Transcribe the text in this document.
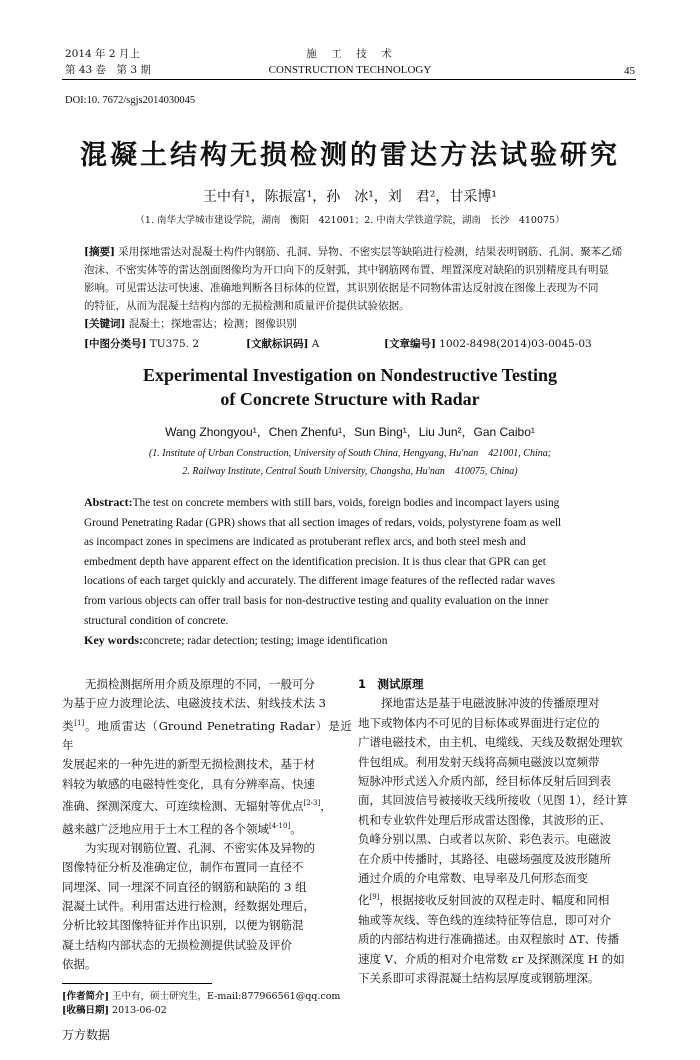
2014 年 2 月上
第 43 卷　第 3 期
施　工　技　术
CONSTRUCTION TECHNOLOGY	45
DOI:10. 7672/sgjs2014030045
混凝土结构无损检测的雷达方法试验研究
王中有¹，陈振富¹，孙　冰¹，刘　君²，甘采博¹
（1. 南华大学城市建设学院，湖南　衡阳　421001；2. 中南大学铁道学院，湖南　长沙　410075）
[摘要] 采用探地雷达对混凝土构件内钢筋、孔洞、异物、不密实层等缺陷进行检测，结果表明钢筋、孔洞、聚苯乙烯
泡沫、不密实体等的雷达剖面图像均为开口向下的反射弧，其中钢筋网布置、埋置深度对缺陷的识别精度具有明显
影响。可见雷达法可快速、准确地判断各目标体的位置，其识别依据是不同物体雷达反射波在图像上表现为不同
的特征，从而为混凝土结构内部的无损检测和质量评价提供试验依据。
[关键词] 混凝土；探地雷达；检测；图像识别
[中图分类号] TU375. 2	[文献标识码] A	[文章编号] 1002-8498(2014)03-0045-03
Experimental Investigation on Nondestructive Testing
of Concrete Structure with Radar
Wang Zhongyou¹，Chen Zhenfu¹，Sun Bing¹，Liu Jun²，Gan Caibo¹
(1. Institute of Urban Construction, University of South China, Hengyang, Hu'nan　421001, China;
2. Railway Institute, Central South University, Changsha, Hu'nan　410075, China)
Abstract:The test on concrete members with still bars, voids, foreign bodies and incompact layers using
Ground Penetrating Radar (GPR) shows that all section images of redars, voids, polystyrene foam as well
as incompact zones in specimens are indicated as protuberant reflex arcs, and both steel mesh and
embedment depth have apparent effect on the identification precision. It is thus clear that GPR can get
locations of each target quickly and accurately. The different image features of the reflected radar waves
from various objects can offer trail basis for non-destructive testing and quality evaluation on the inner
structural condition of concrete.
Key words:concrete; radar detection; testing; image identification
无损检测据所用介质及原理的不同，一般可分
为基于应力波理论法、电磁波技术法、射线技术法 3
类[1]。地质雷达（Ground Penetrating Radar）是近年
发展起来的一种先进的新型无损检测技术，基于材
料较为敏感的电磁特性变化，具有分辨率高、快速
准确、探测深度大、可连续检测、无辐射等优点[2-3]，
越来越广泛地应用于土木工程的各个领域[4-10]。
为实现对钢筋位置、孔洞、不密实体及异物的
图像特征分析及准确定位，制作布置同一直径不
同埋深、同一埋深不同直径的钢筋和缺陷的 3 组
混凝土试件。利用雷达进行检测，经数据处理后，
分析比较其图像特征并作出识别，以便为钢筋混
凝土结构内部状态的无损检测提供试验及评价
依据。
[作者简介] 王中有，硕士研究生，E-mail:877966561@qq.com
[收稿日期] 2013-06-02
1　 测试原理
探地雷达是基于电磁波脉冲波的传播原理对
地下或物体内不可见的目标体或界面进行定位的
广谱电磁技术，由主机、电缆线、天线及数据处理软
件包组成。利用发射天线将高频电磁波以宽频带
短脉冲形式送入介质内部，经目标体反射后回到表
面，其回波信号被接收天线所接收（见图 1），经计算
机和专业软件处理后形成雷达图像，其波形的正、
负峰分别以黑、白或者以灰阶、彩色表示。电磁波
在介质中传播时，其路径、电磁场强度及波形随所
通过介质的介电常数、电导率及几何形态而变
化[9]，根据接收反射回波的双程走时、幅度和同相
轴或等灰线、等色线的连续特征等信息，即可对介
质的内部结构进行准确描述。由双程旅时 ΔT、传播
速度 V、介质的相对介电常数 εr 及探测深度 H 的如
下关系即可求得混凝土结构层厚度或钢筋埋深。
万方数据
